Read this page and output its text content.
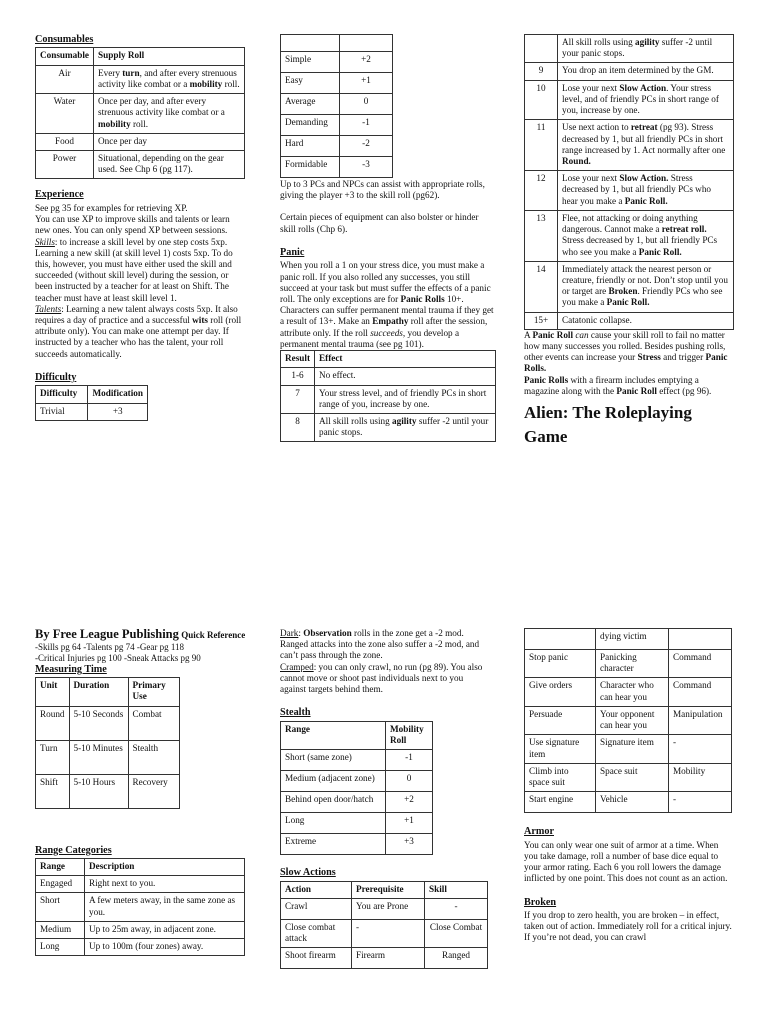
Consumables
Consumable	Supply Roll
Air	Every turn, and after every strenuous activity like combat or a mobility roll.
Water	Once per day, and after every strenuous activity like combat or a mobility roll.
Food	Once per day
Power	Situational, depending on the gear used. See Chp 6 (pg 117).
Experience

See pg 35 for examples for retrieving XP.
You can use XP to improve skills and talents or learn new ones. You can only spend XP between sessions.
Skills: to increase a skill level by one step costs 5xp. Learning a new skill (at skill level 1) costs 5xp. To do this, however, you must have either used the skill and succeeded (without skill level) during the session, or been instructed by a teacher for at least on Shift. The teacher must have at least skill level 1.
Talents: Learning a new talent always costs 5xp. It also requires a day of practice and a successful wits roll (roll attribute only). You can make one attempt per day. If instructed by a teacher who has the talent, your roll succeeds automatically.

Difficulty
Difficulty	Modification
Trivial	+3

Simple	+2
Easy	+1
Average	0
Demanding	-1
Hard	-2
Formidable	-3

Up to 3 PCs and NPCs can assist with appropriate rolls, giving the player +3 to the skill roll (pg62).

Certain pieces of equipment can also bolster or hinder skill rolls (Chp 6).

Panic

When you roll a 1 on your stress dice, you must make a panic roll. If you also rolled any successes, you still succeed at your task but must suffer the effects of a panic roll. The only exceptions are for Panic Rolls 10+. Characters can suffer permanent mental trauma if they get a result of 13+. Make an Empathy roll after the session, attribute only. If the roll succeeds, you develop a permanent mental trauma (see pg 101).

Result	Effect
1-6	No effect.
7	Your stress level, and of friendly PCs in short range of you, increase by one.
8	All skill rolls using agility suffer -2 until your panic stops.
	All skill rolls using agility suffer -2 until your panic stops.
9	You drop an item determined by the GM.
10	Lose your next Slow Action. Your stress level, and of friendly PCs in short range of you, increase by one.
11	Use next action to retreat (pg 93). Stress decreased by 1, but all friendly PCs in short range increased by 1. Act normally after one Round.
12	Lose your next Slow Action. Stress decreased by 1, but all friendly PCs who hear you make a Panic Roll.
13	Flee, not attacking or doing anything dangerous. Cannot make a retreat roll. Stress decreased by 1, but all friendly PCs who see you make a Panic Roll.
14	Immediately attack the nearest person or creature, friendly or not. Don’t stop until you or target are Broken. Friendly PCs who see you make a Panic Roll.
15+	Catatonic collapse.

A Panic Roll can cause your skill roll to fail no matter how many successes you rolled. Besides pushing rolls, other events can increase your Stress and trigger Panic Rolls.
Panic Rolls with a firearm includes emptying a magazine along with the Panic Roll effect (pg 96).

Alien: The Roleplaying Game
By Free League Publishing Quick Reference
-Skills pg 64 -Talents pg 74 -Gear pg 118
-Critical Injuries pg 100 -Sneak Attacks pg 90
Measuring Time
Unit	Duration	Primary Use
Round	5-10 Seconds	Combat
Turn	5-10 Minutes	Stealth
Shift	5-10 Hours	Recovery
Range Categories
Range	Description
Engaged	Right next to you.
Short	A few meters away, in the same zone as you.
Medium	Up to 25m away, in adjacent zone.
Long	Up to 100m (four zones) away.

Dark: Observation rolls in the zone get a -2 mod. Ranged attacks into the zone also suffer a -2 mod, and can’t pass through the zone.
Cramped: you can only crawl, no run (pg 89). You also cannot move or shoot past individuals next to you against targets behind them.

Stealth
Range	Mobility Roll
Short (same zone)	-1
Medium (adjacent zone)	0
Behind open door/hatch	+2
Long	+1
Extreme	+3
Slow Actions
Action	Prerequisite	Skill
Crawl	You are Prone	-
Close combat attack	-	Close Combat
Shoot firearm	Firearm	Ranged
	dying victim	
Stop panic	Panicking character	Command
Give orders	Character who can hear you	Command
Persuade	Your opponent can hear you	Manipulation
Use signature item	Signature item	-
Climb into space suit	Space suit	Mobility
Start engine	Vehicle	-
Armor

You can only wear one suit of armor at a time. When you take damage, roll a number of base dice equal to your armor rating. Each 6 you roll lowers the damage inflicted by one point. This does not count as an action.

Broken

If you drop to zero health, you are broken – in effect, taken out of action. Immediately roll for a critical injury. If you’re not dead, you can crawl
